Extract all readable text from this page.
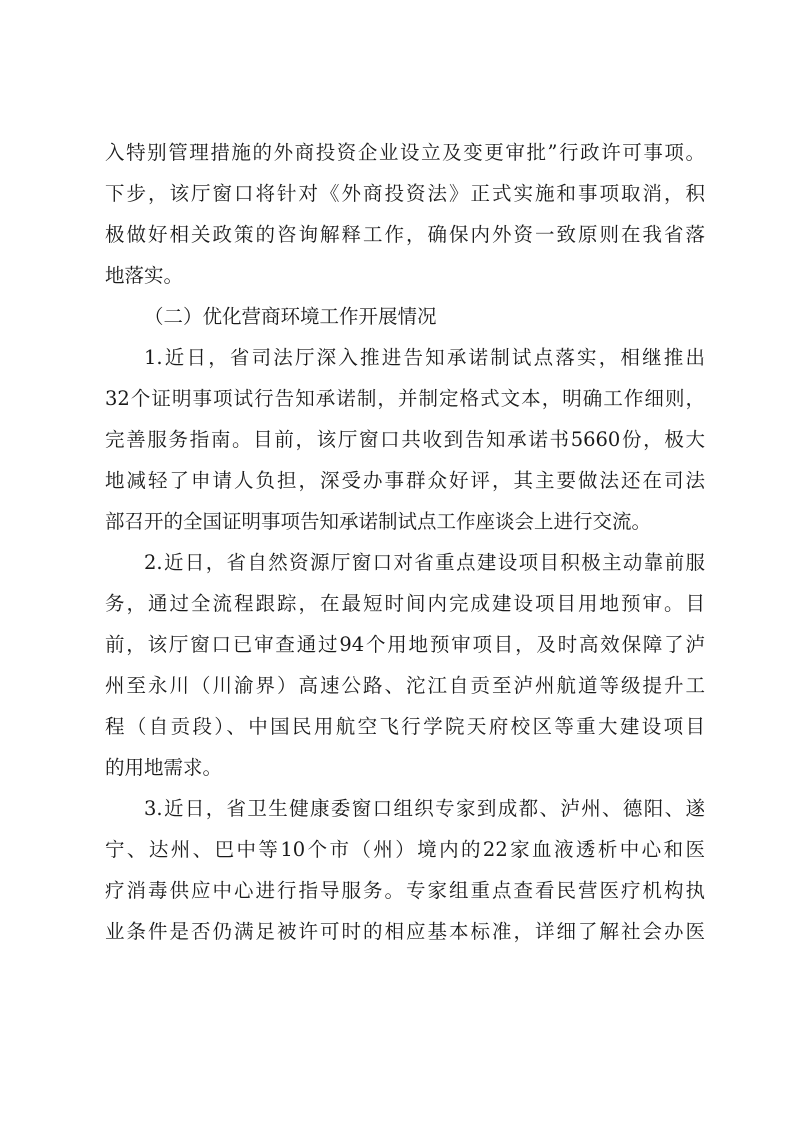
入特别管理措施的外商投资企业设立及变更审批”行政许可事项。
下步，该厅窗口将针对《外商投资法》正式实施和事项取消，积
极做好相关政策的咨询解释工作，确保内外资一致原则在我省落
地落实。
（二）优化营商环境工作开展情况
1.近日，省司法厅深入推进告知承诺制试点落实，相继推出
32个证明事项试行告知承诺制，并制定格式文本，明确工作细则，
完善服务指南。目前，该厅窗口共收到告知承诺书5660份，极大
地减轻了申请人负担，深受办事群众好评，其主要做法还在司法
部召开的全国证明事项告知承诺制试点工作座谈会上进行交流。
2.近日，省自然资源厅窗口对省重点建设项目积极主动靠前服
务，通过全流程跟踪，在最短时间内完成建设项目用地预审。目
前，该厅窗口已审查通过94个用地预审项目，及时高效保障了泸
州至永川（川渝界）高速公路、沱江自贡至泸州航道等级提升工
程（自贡段）、中国民用航空飞行学院天府校区等重大建设项目
的用地需求。
3.近日，省卫生健康委窗口组织专家到成都、泸州、德阳、遂
宁、达州、巴中等10个市（州）境内的22家血液透析中心和医
疗消毒供应中心进行指导服务。专家组重点查看民营医疗机构执
业条件是否仍满足被许可时的相应基本标准，详细了解社会办医
